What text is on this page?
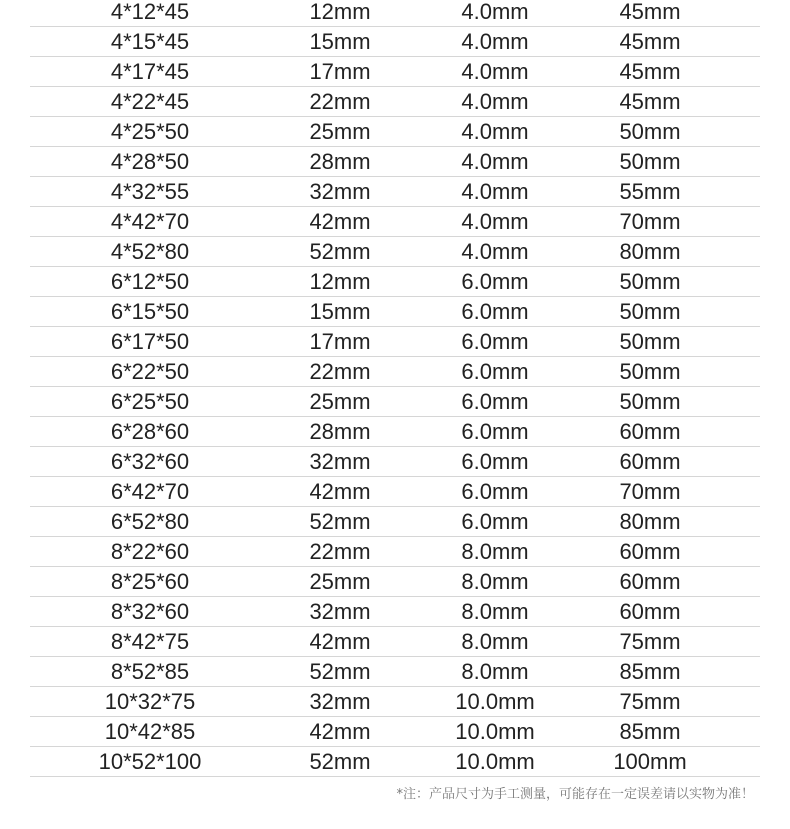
4*12*45	12mm	4.0mm	45mm
4*15*45	15mm	4.0mm	45mm
4*17*45	17mm	4.0mm	45mm
4*22*45	22mm	4.0mm	45mm
4*25*50	25mm	4.0mm	50mm
4*28*50	28mm	4.0mm	50mm
4*32*55	32mm	4.0mm	55mm
4*42*70	42mm	4.0mm	70mm
4*52*80	52mm	4.0mm	80mm
6*12*50	12mm	6.0mm	50mm
6*15*50	15mm	6.0mm	50mm
6*17*50	17mm	6.0mm	50mm
6*22*50	22mm	6.0mm	50mm
6*25*50	25mm	6.0mm	50mm
6*28*60	28mm	6.0mm	60mm
6*32*60	32mm	6.0mm	60mm
6*42*70	42mm	6.0mm	70mm
6*52*80	52mm	6.0mm	80mm
8*22*60	22mm	8.0mm	60mm
8*25*60	25mm	8.0mm	60mm
8*32*60	32mm	8.0mm	60mm
8*42*75	42mm	8.0mm	75mm
8*52*85	52mm	8.0mm	85mm
10*32*75	32mm	10.0mm	75mm
10*42*85	42mm	10.0mm	85mm
10*52*100	52mm	10.0mm	100mm
*注：产品尺寸为手工测量，可能存在一定误差请以实物为准！
